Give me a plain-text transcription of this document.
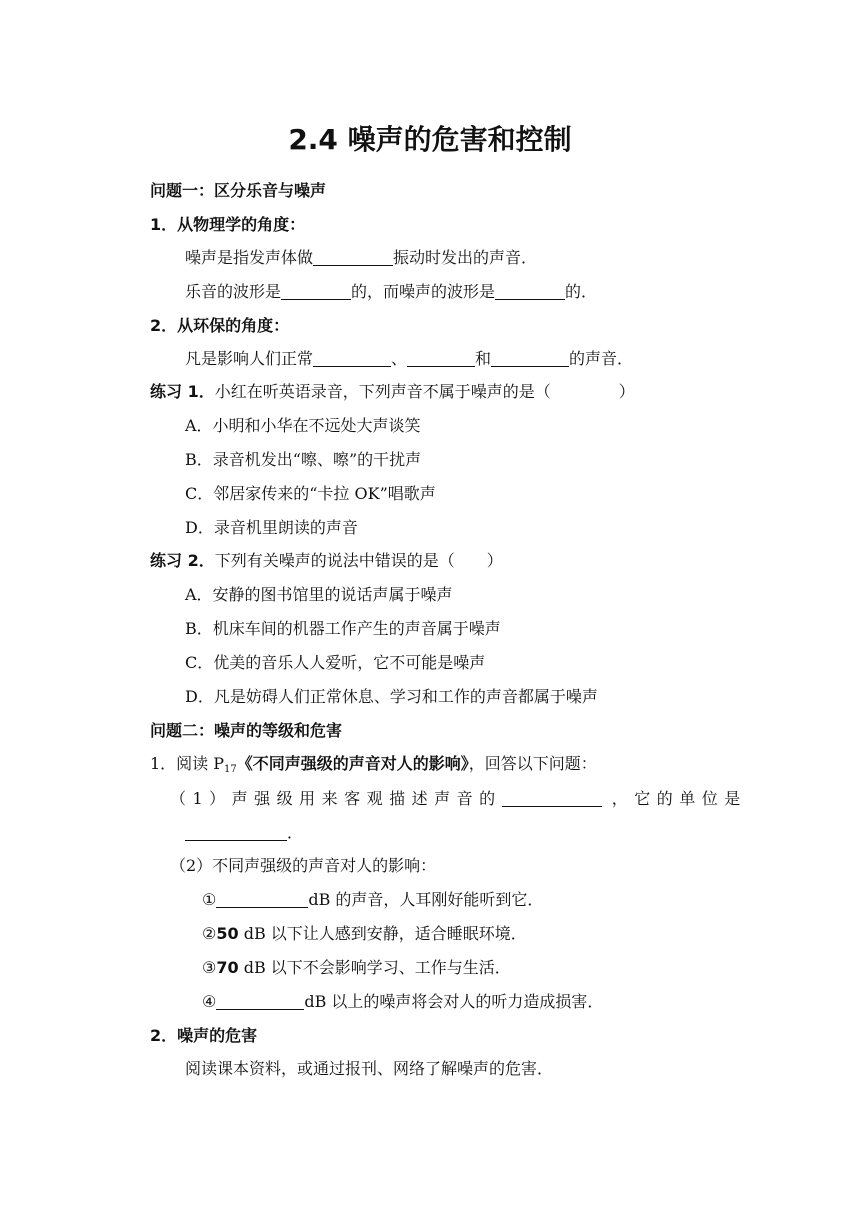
2.4 噪声的危害和控制
问题一：区分乐音与噪声
1．从物理学的角度：
噪声是指发声体做	振动时发出的声音．
乐音的波形是	的，而噪声的波形是	的．
2．从环保的角度：
凡是影响人们正常	、	和	的声音．
练习 1．小红在听英语录音，下列声音不属于噪声的是（	）
A．小明和小华在不远处大声谈笑
B．录音机发出“嚓、嚓”的干扰声
C．邻居家传来的“卡拉 OK”唱歌声
D．录音机里朗读的声音
练习 2．下列有关噪声的说法中错误的是（ ）
A．安静的图书馆里的说话声属于噪声
B．机床车间的机器工作产生的声音属于噪声
C．优美的音乐人人爱听，它不可能是噪声
D．凡是妨碍人们正常休息、学习和工作的声音都属于噪声
问题二：噪声的等级和危害
1．阅读 $P_{17}$《不同声强级的声音对人的影响》，回答以下问题：
（1）声强级用来客观描述声音的	，它的单位是
．
（2）不同声强级的声音对人的影响：
①	dB 的声音，人耳刚好能听到它．
②50 dB 以下让人感到安静，适合睡眠环境．
③70 dB 以下不会影响学习、工作与生活．
④	dB 以上的噪声将会对人的听力造成损害．
2．噪声的危害
阅读课本资料，或通过报刊、网络了解噪声的危害．
